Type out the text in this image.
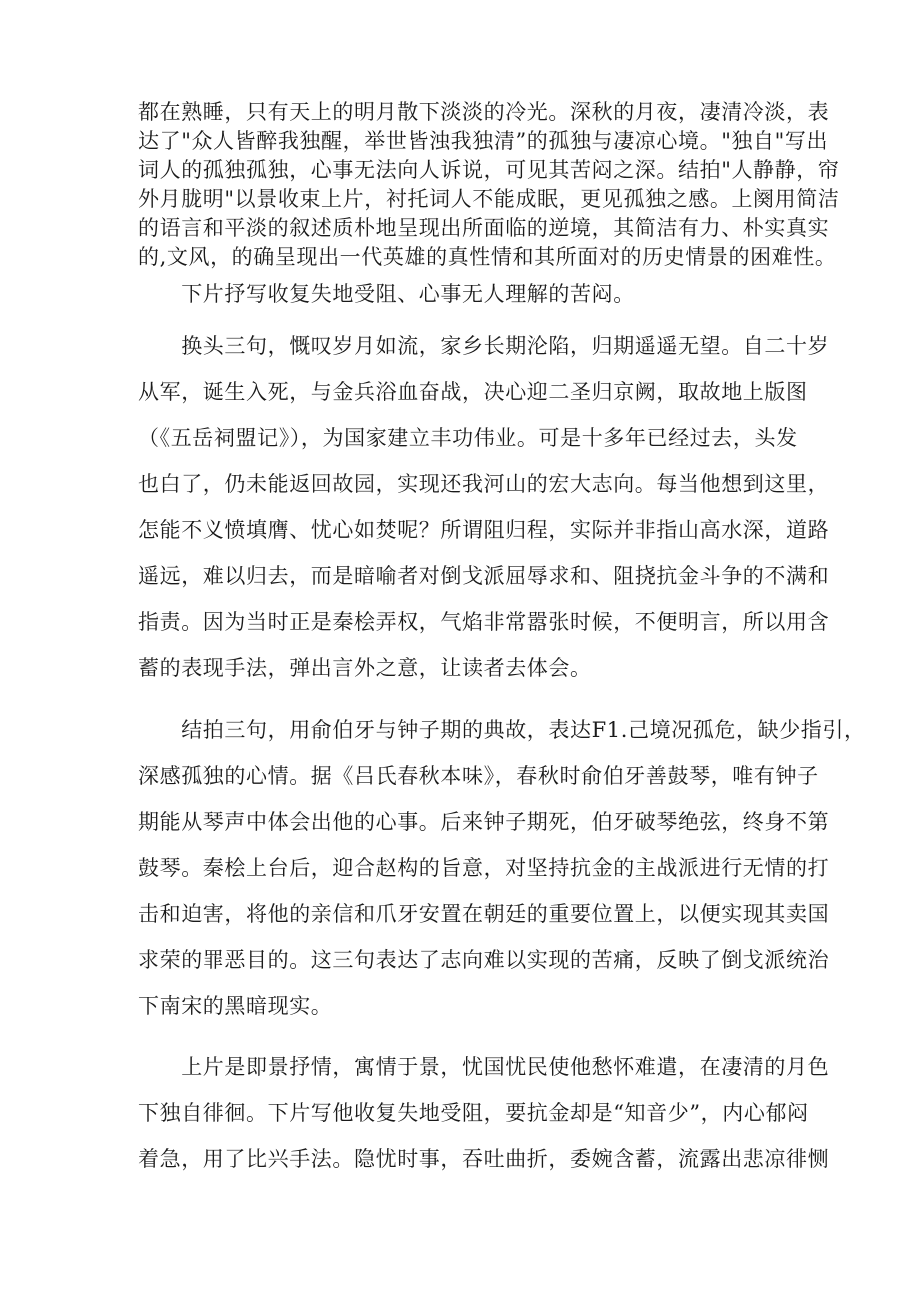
都在熟睡，只有天上的明月散下淡淡的冷光。深秋的月夜，凄清冷淡，表
达了"众人皆醉我独醒，举世皆浊我独清”的孤独与凄凉心境。"独自"写出
词人的孤独孤独，心事无法向人诉说，可见其苦闷之深。结拍"人静静，帘
外月胧明"以景收束上片，衬托词人不能成眠，更见孤独之感。上阕用简洁
的语言和平淡的叙述质朴地呈现出所面临的逆境，其简洁有力、朴实真实
的,文风，的确呈现出一代英雄的真性情和其所面对的历史情景的困难性。

　　下片抒写收复失地受阻、心事无人理解的苦闷。

　　换头三句，慨叹岁月如流，家乡长期沦陷，归期遥遥无望。自二十岁
从军，诞生入死，与金兵浴血奋战，决心迎二圣归京阙，取故地上版图
（《五岳祠盟记》），为国家建立丰功伟业。可是十多年已经过去，头发
也白了，仍未能返回故园，实现还我河山的宏大志向。每当他想到这里，
怎能不义愤填膺、忧心如焚呢？所谓阻归程，实际并非指山高水深，道路
遥远，难以归去，而是暗喻者对倒戈派屈辱求和、阻挠抗金斗争的不满和
指责。因为当时正是秦桧弄权，气焰非常嚣张时候，不便明言，所以用含
蓄的表现手法，弹出言外之意，让读者去体会。

　　结拍三句，用俞伯牙与钟子期的典故，表达F1.己境况孤危，缺少指引，
深感孤独的心情。据《吕氏春秋本味》，春秋时俞伯牙善鼓琴，唯有钟子
期能从琴声中体会出他的心事。后来钟子期死，伯牙破琴绝弦，终身不第
鼓琴。秦桧上台后，迎合赵构的旨意，对坚持抗金的主战派进行无情的打
击和迫害，将他的亲信和爪牙安置在朝廷的重要位置上，以便实现其卖国
求荣的罪恶目的。这三句表达了志向难以实现的苦痛，反映了倒戈派统治
下南宋的黑暗现实。

　　上片是即景抒情，寓情于景，忧国忧民使他愁怀难遣，在凄清的月色
下独自徘徊。下片写他收复失地受阻，要抗金却是“知音少”，内心郁闷
着急，用了比兴手法。隐忧时事，吞吐曲折，委婉含蓄，流露出悲凉徘恻
